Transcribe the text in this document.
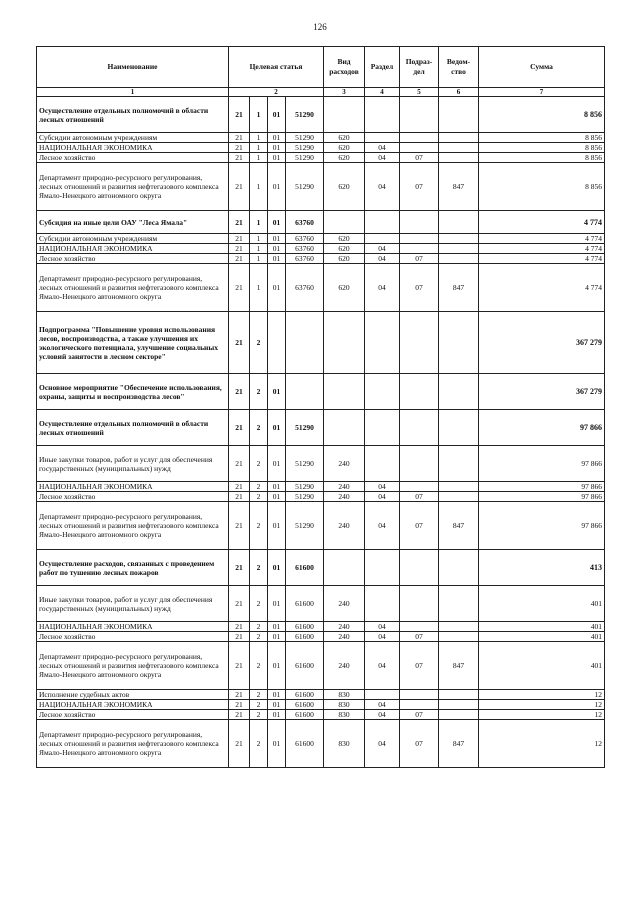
126
Наименование	Целевая статья				Вид расходов	Раздел	Подраз- дел	Ведом- ство	Сумма
1	2				3	4	5	6	7
Осуществление отдельных полномочий в области лесных отношений	21	1	01	51290					8 856
Субсидии автономным учреждениям	21	1	01	51290	620				8 856
НАЦИОНАЛЬНАЯ ЭКОНОМИКА	21	1	01	51290	620	04			8 856
Лесное хозяйство	21	1	01	51290	620	04	07		8 856
Департамент природно-ресурсного регулирования, лесных отношений и развития нефтегазового комплекса Ямало-Ненецкого автономного округа	21	1	01	51290	620	04	07	847	8 856
Субсидия на иные цели ОАУ "Леса Ямала"	21	1	01	63760					4 774
Субсидии автономным учреждениям	21	1	01	63760	620				4 774
НАЦИОНАЛЬНАЯ ЭКОНОМИКА	21	1	01	63760	620	04			4 774
Лесное хозяйство	21	1	01	63760	620	04	07		4 774
Департамент природно-ресурсного регулирования, лесных отношений и развития нефтегазового комплекса Ямало-Ненецкого автономного округа	21	1	01	63760	620	04	07	847	4 774
Подпрограмма "Повышение уровня использования лесов, воспроизводства, а также улучшения их экологического потенциала, улучшение социальных условий занятости в лесном секторе"	21	2							367 279
Основное мероприятие "Обеспечение использования, охраны, защиты и воспроизводства лесов"	21	2	01						367 279
Осуществление отдельных полномочий в области лесных отношений	21	2	01	51290					97 866
Иные закупки товаров, работ и услуг для обеспечения государственных (муниципальных) нужд	21	2	01	51290	240				97 866
НАЦИОНАЛЬНАЯ ЭКОНОМИКА	21	2	01	51290	240	04			97 866
Лесное хозяйство	21	2	01	51290	240	04	07		97 866
Департамент природно-ресурсного регулирования, лесных отношений и развития нефтегазового комплекса Ямало-Ненецкого автономного округа	21	2	01	51290	240	04	07	847	97 866
Осуществление расходов, связанных с проведением работ по тушению лесных пожаров	21	2	01	61600					413
Иные закупки товаров, работ и услуг для обеспечения государственных (муниципальных) нужд	21	2	01	61600	240				401
НАЦИОНАЛЬНАЯ ЭКОНОМИКА	21	2	01	61600	240	04			401
Лесное хозяйство	21	2	01	61600	240	04	07		401
Департамент природно-ресурсного регулирования, лесных отношений и развития нефтегазового комплекса Ямало-Ненецкого автономного округа	21	2	01	61600	240	04	07	847	401
Исполнение судебных актов	21	2	01	61600	830				12
НАЦИОНАЛЬНАЯ ЭКОНОМИКА	21	2	01	61600	830	04			12
Лесное хозяйство	21	2	01	61600	830	04	07		12
Департамент природно-ресурсного регулирования, лесных отношений и развития нефтегазового комплекса Ямало-Ненецкого автономного округа	21	2	01	61600	830	04	07	847	12
